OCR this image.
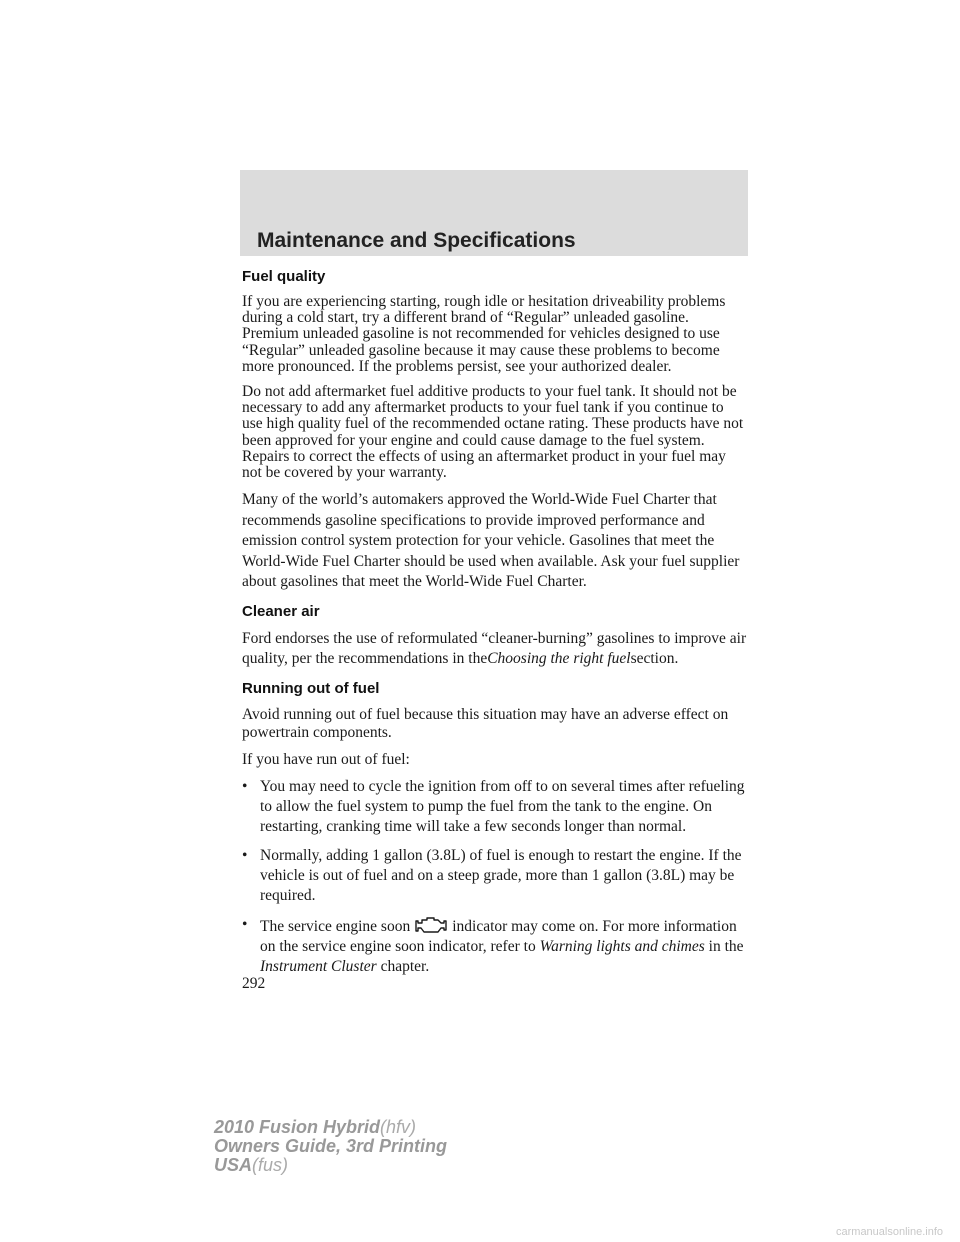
Maintenance and Specifications
Fuel quality

If you are experiencing starting, rough idle or hesitation driveability problems during a cold start, try a different brand of “Regular” unleaded gasoline. Premium unleaded gasoline is not recommended for vehicles designed to use “Regular” unleaded gasoline because it may cause these problems to become more pronounced. If the problems persist, see your authorized dealer.

Do not add aftermarket fuel additive products to your fuel tank. It should not be necessary to add any aftermarket products to your fuel tank if you continue to use high quality fuel of the recommended octane rating. These products have not been approved for your engine and could cause damage to the fuel system. Repairs to correct the effects of using an aftermarket product in your fuel may not be covered by your warranty.

Many of the world’s automakers approved the World-Wide Fuel Charter that recommends gasoline specifications to provide improved performance and emission control system protection for your vehicle. Gasolines that meet the World-Wide Fuel Charter should be used when available. Ask your fuel supplier about gasolines that meet the World-Wide Fuel Charter.

Cleaner air

Ford endorses the use of reformulated “cleaner-burning” gasolines to improve air quality, per the recommendations in theChoosing the right fuelsection.

Running out of fuel

Avoid running out of fuel because this situation may have an adverse effect on powertrain components.

If you have run out of fuel:

• You may need to cycle the ignition from off to on several times after refueling to allow the fuel system to pump the fuel from the tank to the engine. On restarting, cranking time will take a few seconds longer than normal.
• Normally, adding 1 gallon (3.8L) of fuel is enough to restart the engine. If the vehicle is out of fuel and on a steep grade, more than 1 gallon (3.8L) may be required.
• The service engine soon	indicator may come on. For more information on the service engine soon indicator, refer to Warning lights and chimes in the Instrument Cluster chapter.

292

2010 Fusion Hybrid(hfv)
Owners Guide, 3rd Printing
USA(fus)
carmanualsonline.info
